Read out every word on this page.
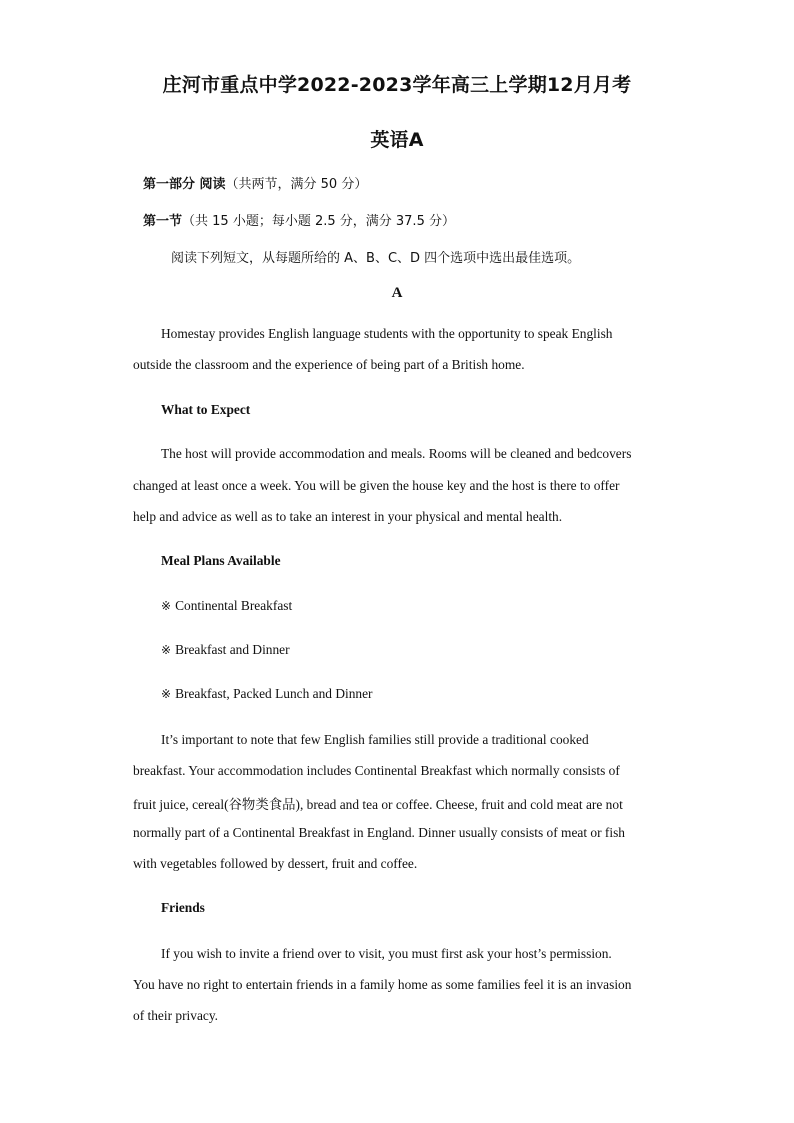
庄河市重点中学2022-2023学年高三上学期12月月考
英语A
第一部分 阅读（共两节，满分 50 分）
第一节（共 15 小题；每小题 2.5 分，满分 37.5 分）
阅读下列短文，从每题所给的 A、B、C、D 四个选项中选出最佳选项。
A
Homestay provides English language students with the opportunity to speak English
outside the classroom and the experience of being part of a British home.
What to Expect
The host will provide accommodation and meals. Rooms will be cleaned and bedcovers
changed at least once a week. You will be given the house key and the host is there to offer
help and advice as well as to take an interest in your physical and mental health.
Meal Plans Available
※ Continental Breakfast
※ Breakfast and Dinner
※ Breakfast, Packed Lunch and Dinner
It’s important to note that few English families still provide a traditional cooked
breakfast. Your accommodation includes Continental Breakfast which normally consists of
fruit juice, cereal(谷物类食品), bread and tea or coffee. Cheese, fruit and cold meat are not
normally part of a Continental Breakfast in England. Dinner usually consists of meat or fish
with vegetables followed by dessert, fruit and coffee.
Friends
If you wish to invite a friend over to visit, you must first ask your host’s permission.
You have no right to entertain friends in a family home as some families feel it is an invasion
of their privacy.
